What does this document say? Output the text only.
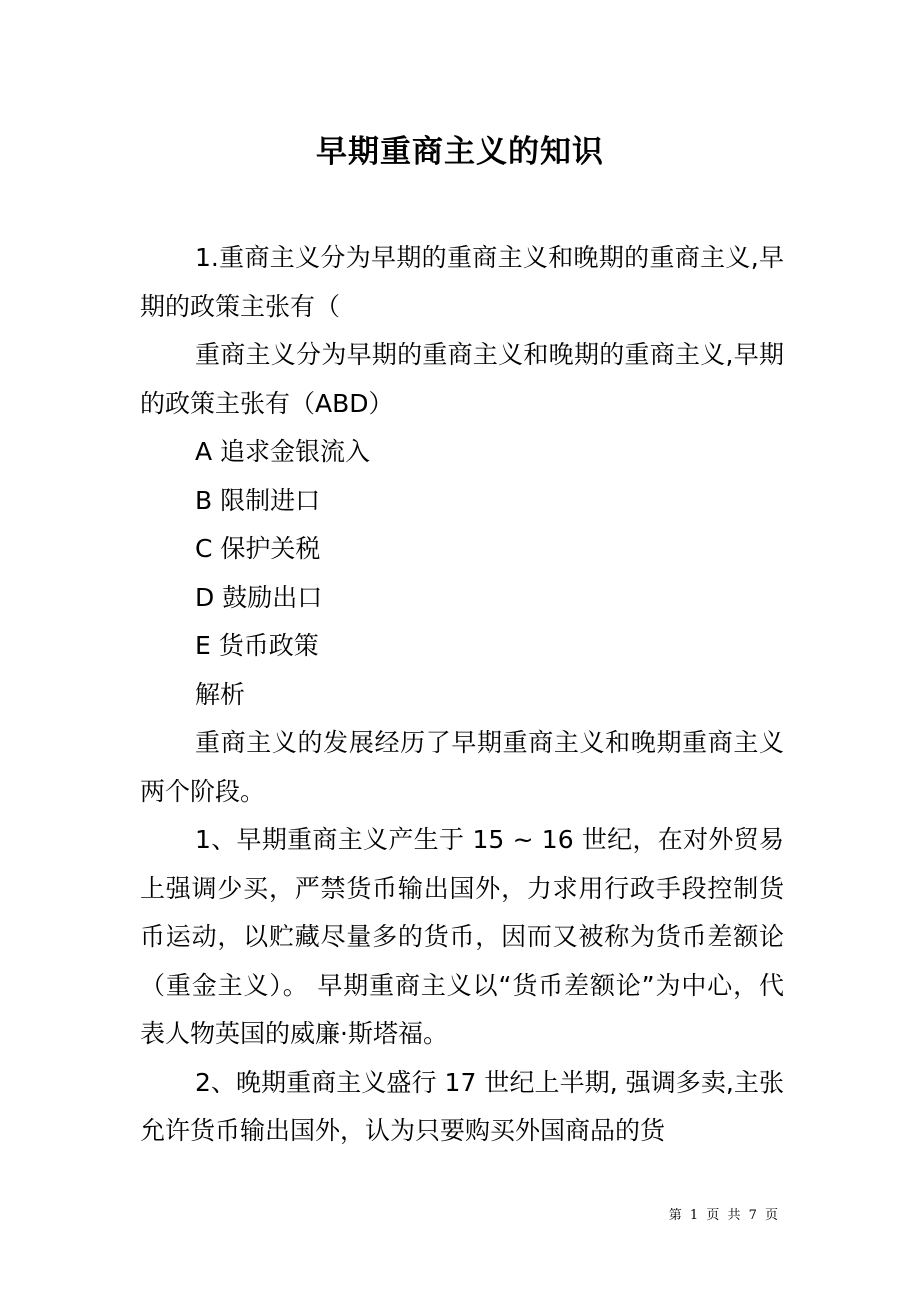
早期重商主义的知识

1.重商主义分为早期的重商主义和晚期的重商主义,早期的政策主张有（

重商主义分为早期的重商主义和晚期的重商主义,早期的政策主张有（ABD）

A 追求金银流入

B 限制进口

C 保护关税

D 鼓励出口

E 货币政策

解析

重商主义的发展经历了早期重商主义和晚期重商主义两个阶段。

1、早期重商主义产生于 15 ~ 16 世纪，在对外贸易上强调少买，严禁货币输出国外，力求用行政手段控制货币运动，以贮藏尽量多的货币，因而又被称为货币差额论（重金主义）。 早期重商主义以“货币差额论”为中心，代表人物英国的威廉·斯塔福。

2、晚期重商主义盛行 17 世纪上半期, 强调多卖,主张允许货币输出国外，认为只要购买外国商品的货

第 1 页 共 7 页
